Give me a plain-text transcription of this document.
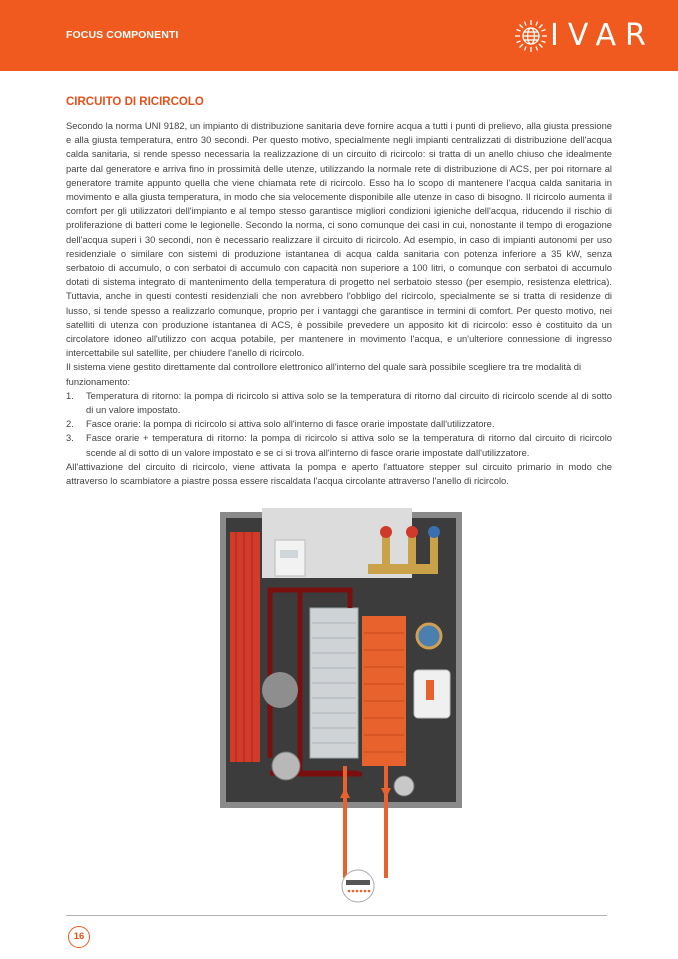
FOCUS COMPONENTI	IVAR
CIRCUITO DI RICIRCOLO

Secondo la norma UNI 9182, un impianto di distribuzione sanitaria deve fornire acqua a tutti i punti di prelievo, alla giusta pressione e alla giusta temperatura, entro 30 secondi. Per questo motivo, specialmente negli impianti centralizzati di distribuzione dell'acqua calda sanitaria, si rende spesso necessaria la realizzazione di un circuito di ricircolo: si tratta di un anello chiuso che idealmente parte dal generatore e arriva fino in prossimità delle utenze, utilizzando la normale rete di distribuzione di ACS, per poi ritornare al generatore tramite appunto quella che viene chiamata rete di ricircolo. Esso ha lo scopo di mantenere l'acqua calda sanitaria in movimento e alla giusta temperatura, in modo che sia velocemente disponibile alle utenze in caso di bisogno. Il ricircolo aumenta il comfort per gli utilizzatori dell'impianto e al tempo stesso garantisce migliori condizioni igieniche dell'acqua, riducendo il rischio di proliferazione di batteri come le legionelle. Secondo la norma, ci sono comunque dei casi in cui, nonostante il tempo di erogazione dell'acqua superi i 30 secondi, non è necessario realizzare il circuito di ricircolo. Ad esempio, in caso di impianti autonomi per uso residenziale o similare con sistemi di produzione istantanea di acqua calda sanitaria con potenza inferiore a 35 kW, senza serbatoio di accumulo, o con serbatoi di accumulo con capacità non superiore a 100 litri, o comunque con serbatoi di accumulo dotati di sistema integrato di mantenimento della temperatura di progetto nel serbatoio stesso (per esempio, resistenza elettrica). Tuttavia, anche in questi contesti residenziali che non avrebbero l'obbligo del ricircolo, specialmente se si tratta di residenze di lusso, si tende spesso a realizzarlo comunque, proprio per i vantaggi che garantisce in termini di comfort. Per questo motivo, nei satelliti di utenza con produzione istantanea di ACS, è possibile prevedere un apposito kit di ricircolo: esso è costituito da un circolatore idoneo all'utilizzo con acqua potabile, per mantenere in movimento l'acqua, e un'ulteriore connessione di ingresso intercettabile sul satellite, per chiudere l'anello di ricircolo.

Il sistema viene gestito direttamente dal controllore elettronico all'interno del quale sarà possibile scegliere tra tre modalità di funzionamento:

1. Temperatura di ritorno: la pompa di ricircolo si attiva solo se la temperatura di ritorno dal circuito di ricircolo scende al di sotto di un valore impostato.
2. Fasce orarie: la pompa di ricircolo si attiva solo all'interno di fasce orarie impostate dall'utilizzatore.
3. Fasce orarie + temperatura di ritorno: la pompa di ricircolo si attiva solo se la temperatura di ritorno dal circuito di ricircolo scende al di sotto di un valore impostato e se ci si trova all'interno di fasce orarie impostate dall'utilizzatore.

All'attivazione del circuito di ricircolo, viene attivata la pompa e aperto l'attuatore stepper sul circuito primario in modo che attraverso lo scambiatore a piastre possa essere riscaldata l'acqua circolante attraverso l'anello di ricircolo.

16
